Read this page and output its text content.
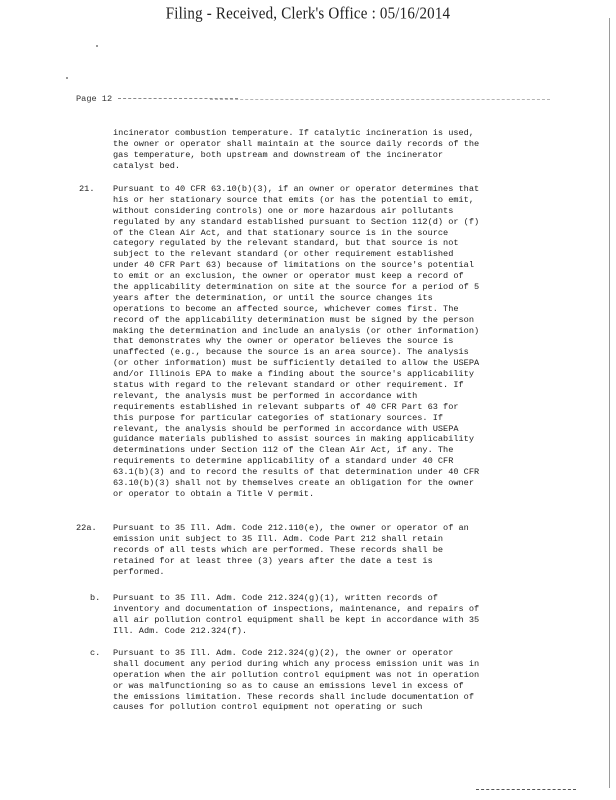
Filing - Received, Clerk's Office : 05/16/2014
Page 12
incinerator combustion temperature. If catalytic incineration is used,
the owner or operator shall maintain at the source daily records of the
gas temperature, both upstream and downstream of the incinerator
catalyst bed.
21. Pursuant to 40 CFR 63.10(b)(3), if an owner or operator determines that
his or her stationary source that emits (or has the potential to emit,
without considering controls) one or more hazardous air pollutants
regulated by any standard established pursuant to Section 112(d) or (f)
of the Clean Air Act, and that stationary source is in the source
category regulated by the relevant standard, but that source is not
subject to the relevant standard (or other requirement established
under 40 CFR Part 63) because of limitations on the source's potential
to emit or an exclusion, the owner or operator must keep a record of
the applicability determination on site at the source for a period of 5
years after the determination, or until the source changes its
operations to become an affected source, whichever comes first. The
record of the applicability determination must be signed by the person
making the determination and include an analysis (or other information)
that demonstrates why the owner or operator believes the source is
unaffected (e.g., because the source is an area source). The analysis
(or other information) must be sufficiently detailed to allow the USEPA
and/or Illinois EPA to make a finding about the source's applicability
status with regard to the relevant standard or other requirement. If
relevant, the analysis must be performed in accordance with
requirements established in relevant subparts of 40 CFR Part 63 for
this purpose for particular categories of stationary sources. If
relevant, the analysis should be performed in accordance with USEPA
guidance materials published to assist sources in making applicability
determinations under Section 112 of the Clean Air Act, if any. The
requirements to determine applicability of a standard under 40 CFR
63.1(b)(3) and to record the results of that determination under 40 CFR
63.10(b)(3) shall not by themselves create an obligation for the owner
or operator to obtain a Title V permit.
22a. Pursuant to 35 Ill. Adm. Code 212.110(e), the owner or operator of an
emission unit subject to 35 Ill. Adm. Code Part 212 shall retain
records of all tests which are performed. These records shall be
retained for at least three (3) years after the date a test is
performed.
b. Pursuant to 35 Ill. Adm. Code 212.324(g)(1), written records of
inventory and documentation of inspections, maintenance, and repairs of
all air pollution control equipment shall be kept in accordance with 35
Ill. Adm. Code 212.324(f).
c. Pursuant to 35 Ill. Adm. Code 212.324(g)(2), the owner or operator
shall document any period during which any process emission unit was in
operation when the air pollution control equipment was not in operation
or was malfunctioning so as to cause an emissions level in excess of
the emissions limitation. These records shall include documentation of
causes for pollution control equipment not operating or such
